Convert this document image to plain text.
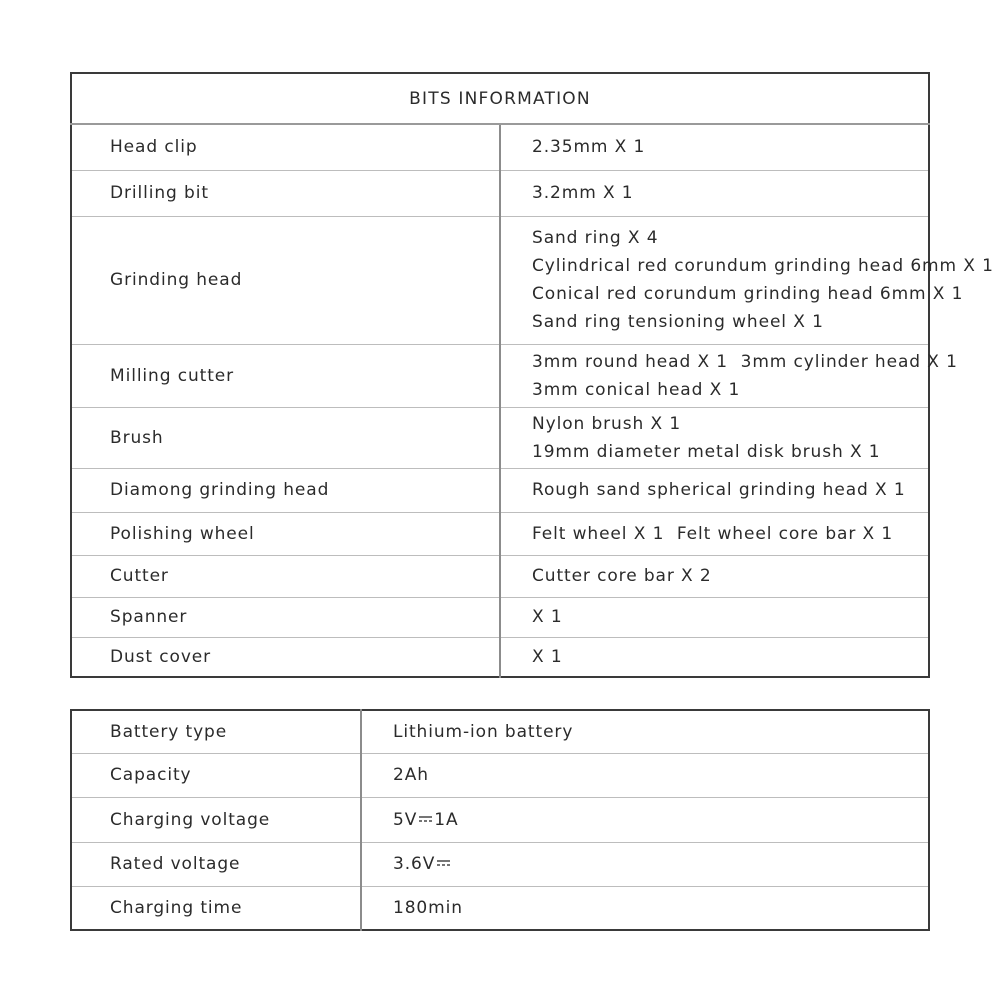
BITS INFORMATION	
Head clip	2.35mm X 1

Drilling bit	3.2mm X 1

Grinding head	Sand ring X 4
Cylindrical red corundum grinding head 6mm X 1
Conical red corundum grinding head 6mm X 1
Sand ring tensioning wheel X 1

Milling cutter	3mm round head X 1  3mm cylinder head X 1
3mm conical head X 1

Brush	Nylon brush X 1
19mm diameter metal disk brush X 1

Diamong grinding head	Rough sand spherical grinding head X 1

Polishing wheel	Felt wheel X 1  Felt wheel core bar X 1

Cutter	Cutter core bar X 2

Spanner	X 1

Dust cover	X 1
Battery type	Lithium-ion battery
Capacity	2Ah
Charging voltage	5V 1A
Rated voltage	3.6V
Charging time	180min
